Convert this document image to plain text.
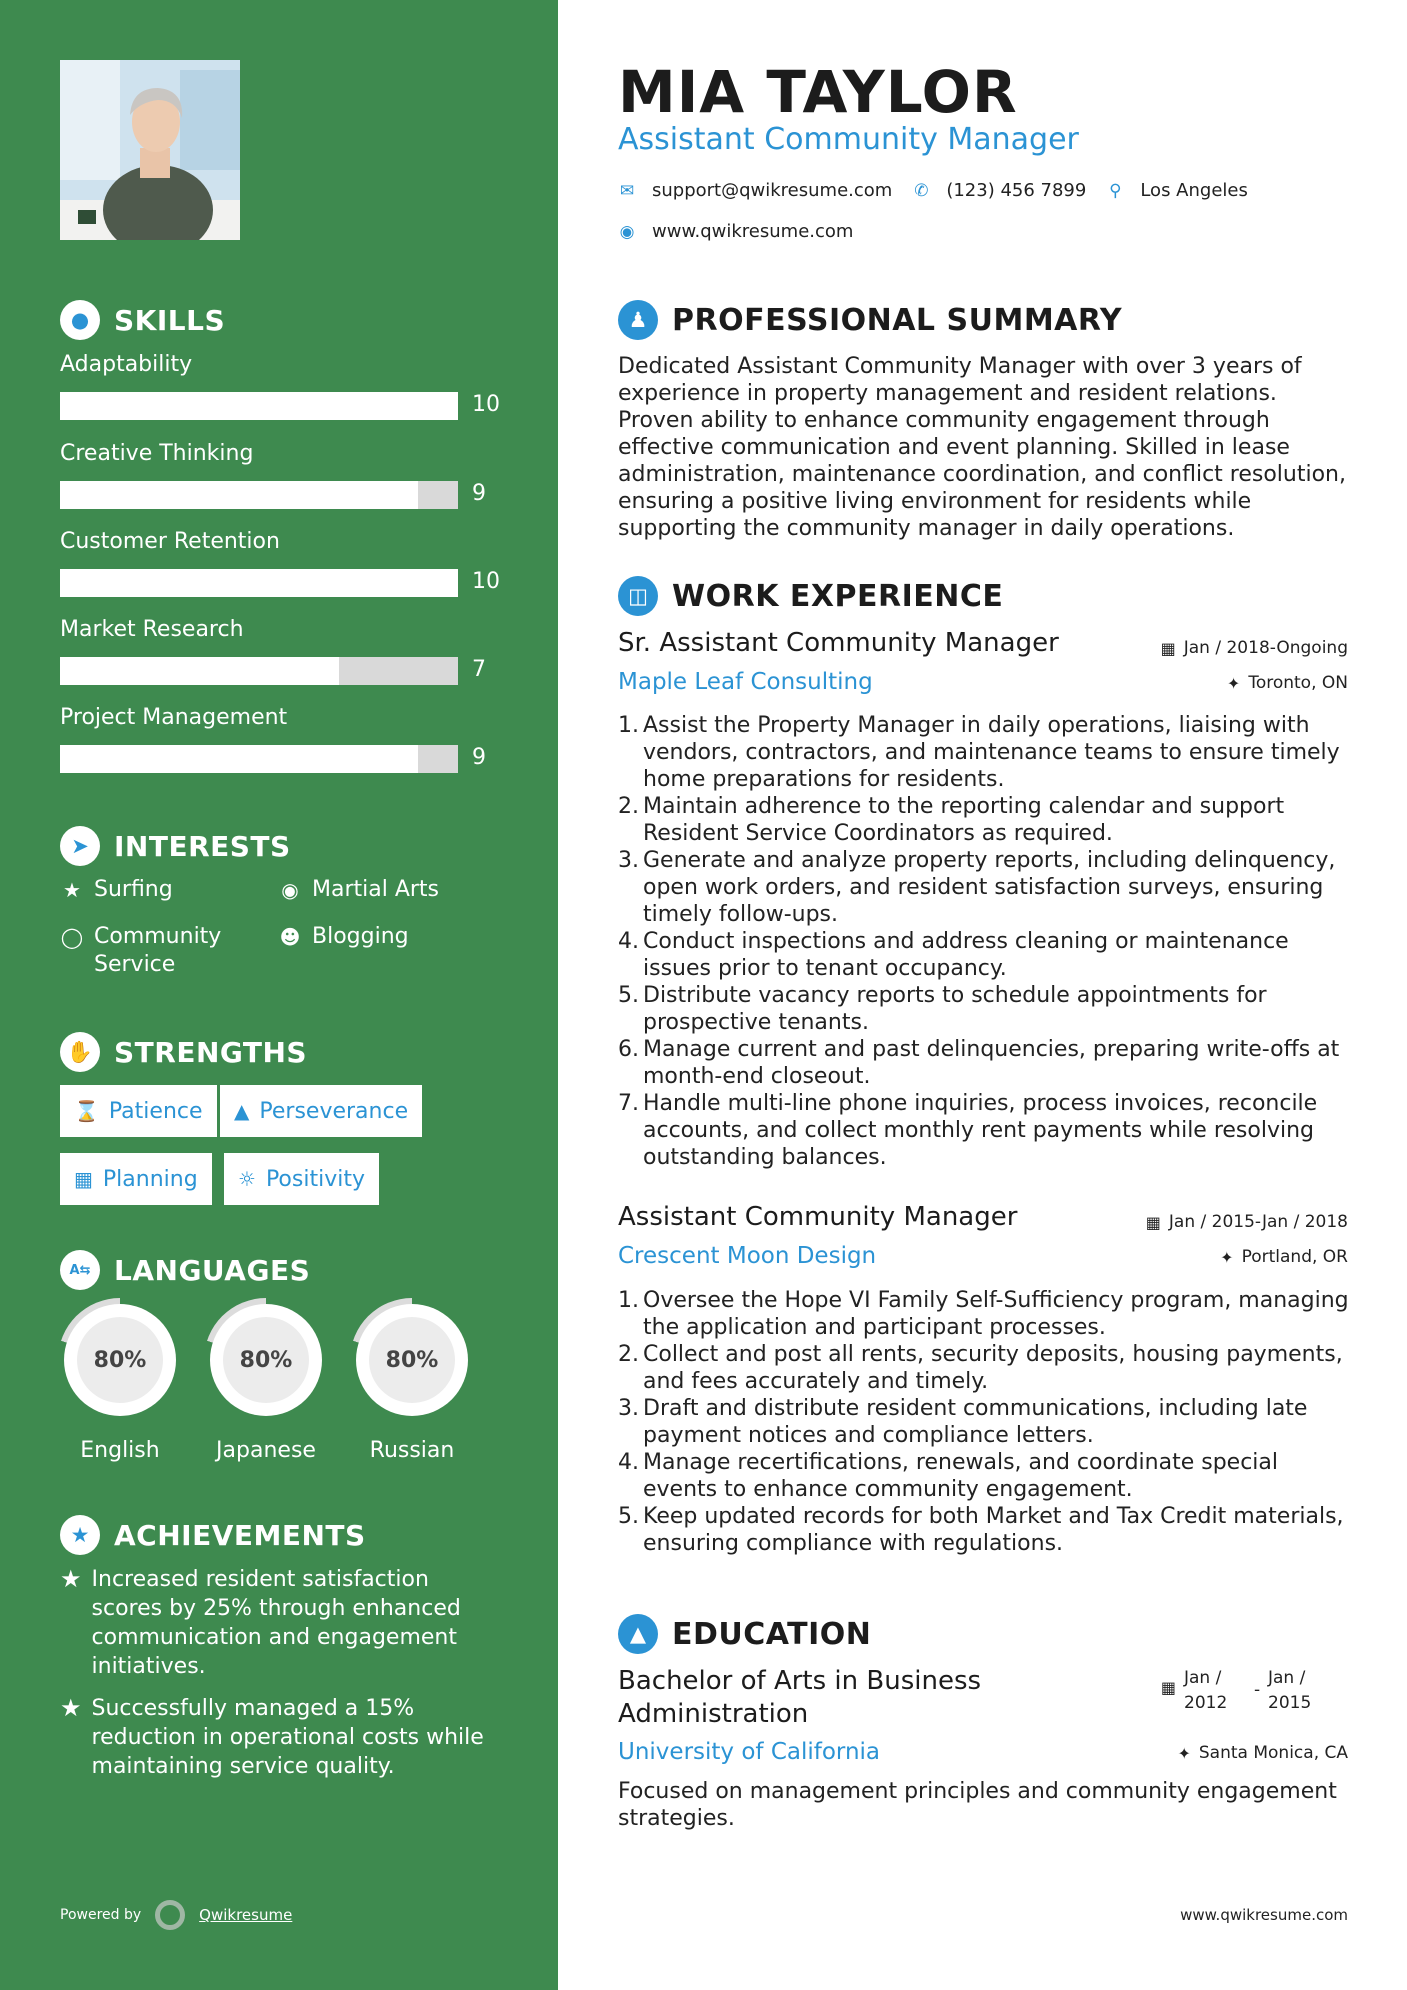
● SKILLS
Adaptability
10
Creative Thinking
9
Customer Retention
10
Market Research
7
Project Management
9
➤ INTERESTS
★ Surfing	◉ Martial Arts
◯ Community Service
☻ Blogging
✋ STRENGTHS
⌛ Patience ▲ Perseverance
▦ Planning ☼ Positivity
A⇆ LANGUAGES
80%
English
80%
Japanese
80%
Russian
★ ACHIEVEMENTS
★ Increased resident satisfaction scores by 25% through enhanced communication and engagement initiatives.
★ Successfully managed a 15% reduction in operational costs while maintaining service quality.
Powered by	Qwikresume
MIA TAYLOR
Assistant Community Manager
✉ support@qwikresume.com ✆ (123) 456 7899 ⚲ Los Angeles
◉ www.qwikresume.com
♟ PROFESSIONAL SUMMARY
Dedicated Assistant Community Manager with over 3 years of experience in property management and resident relations. Proven ability to enhance community engagement through effective communication and event planning. Skilled in lease administration, maintenance coordination, and conflict resolution, ensuring a positive living environment for residents while supporting the community manager in daily operations.
◫ WORK EXPERIENCE
Sr. Assistant Community Manager	▦ Jan / 2018-Ongoing
Maple Leaf Consulting	✦ Toronto, ON
1. Assist the Property Manager in daily operations, liaising with vendors, contractors, and maintenance teams to ensure timely home preparations for residents.
2. Maintain adherence to the reporting calendar and support Resident Service Coordinators as required.
3. Generate and analyze property reports, including delinquency, open work orders, and resident satisfaction surveys, ensuring timely follow-ups.
4. Conduct inspections and address cleaning or maintenance issues prior to tenant occupancy.
5. Distribute vacancy reports to schedule appointments for prospective tenants.
6. Manage current and past delinquencies, preparing write-offs at month-end closeout.
7. Handle multi-line phone inquiries, process invoices, reconcile accounts, and collect monthly rent payments while resolving outstanding balances.
Assistant Community Manager	▦ Jan / 2015-Jan / 2018
Crescent Moon Design	✦ Portland, OR
1. Oversee the Hope VI Family Self-Sufficiency program, managing the application and participant processes.
2. Collect and post all rents, security deposits, housing payments, and fees accurately and timely.
3. Draft and distribute resident communications, including late payment notices and compliance letters.
4. Manage recertifications, renewals, and coordinate special events to enhance community engagement.
5. Keep updated records for both Market and Tax Credit materials, ensuring compliance with regulations.
▲ EDUCATION
Bachelor of Arts in Business Administration
▦ Jan / 2012
-
Jan / 2015
University of California	✦ Santa Monica, CA
Focused on management principles and community engagement strategies.
www.qwikresume.com
